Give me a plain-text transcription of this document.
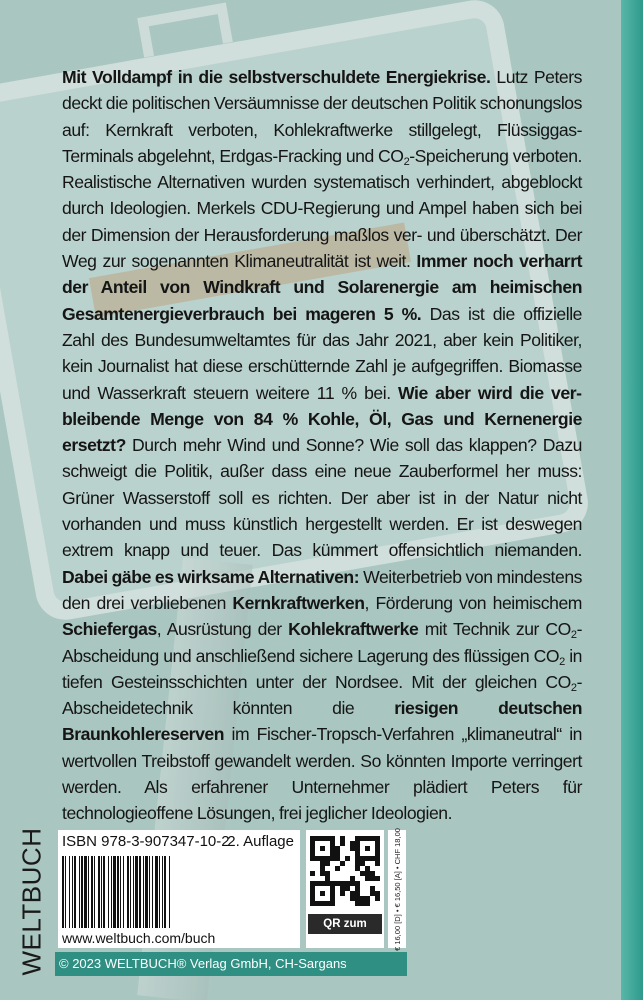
Mit Volldampf in die selbstverschuldete Energiekrise. Lutz Peters deckt die politischen Versäumnisse der deutschen Politik schonungslos auf: Kernkraft verboten, Kohlekraftwerke stillgelegt, Flüssiggas-Terminals abgelehnt, Erdgas-Fracking und $CO_2$-Speicherung verboten. Realistische Alternativen wurden systematisch verhindert, abgeblockt durch Ideologien. Merkels CDU-Regierung und Ampel haben sich bei der Dimension der Herausforderung maßlos ver- und überschätzt. Der Weg zur sogenannten Klimaneutralität ist weit. Immer noch verharrt der Anteil von Windkraft und Solarenergie am heimischen Gesamtenergieverbrauch bei mageren 5 %. Das ist die offizielle Zahl des Bundesumweltamtes für das Jahr 2021, aber kein Politiker, kein Journalist hat diese erschütternde Zahl je aufgegriffen. Biomasse und Wasserkraft steuern weitere 11 % bei. Wie aber wird die verbleibende Menge von 84 % Kohle, Öl, Gas und Kernenergie ersetzt? Durch mehr Wind und Sonne? Wie soll das klappen? Dazu schweigt die Politik, außer dass eine neue Zauberformel her muss: Grüner Wasserstoff soll es richten. Der aber ist in der Natur nicht vorhanden und muss künstlich hergestellt werden. Er ist deswegen extrem knapp und teuer. Das kümmert offensichtlich niemanden. Dabei gäbe es wirksame Alternativen: Weiterbetrieb von mindestens den drei verbliebenen Kernkraftwerken, Förderung von heimischem Schiefergas, Ausrüstung der Kohlekraftwerke mit Technik zur $CO_2$-Abscheidung und anschließend sichere Lagerung des flüssigen $CO_2$ in tiefen Gesteinsschichten unter der Nordsee. Mit der gleichen $CO_2$-Abscheidetechnik könnten die riesigen deutschen Braunkohlereserven im Fischer-Tropsch-Verfahren „klimaneutral“ in wertvollen Treibstoff gewandelt werden. So könnten Importe verringert werden. Als erfahrener Unternehmer plädiert Peters für technologieoffene Lösungen, frei jeglicher Ideologien.
WELTBUCH ISBN 978-3-907347-10-2
2. Auflage
www.weltbuch.com/buch
QR zum Buch	€ 16,00 [D] • € 16,50 [A] • CHF 18,00
© 2023 WELTBUCH® Verlag GmbH, CH-Sargans
